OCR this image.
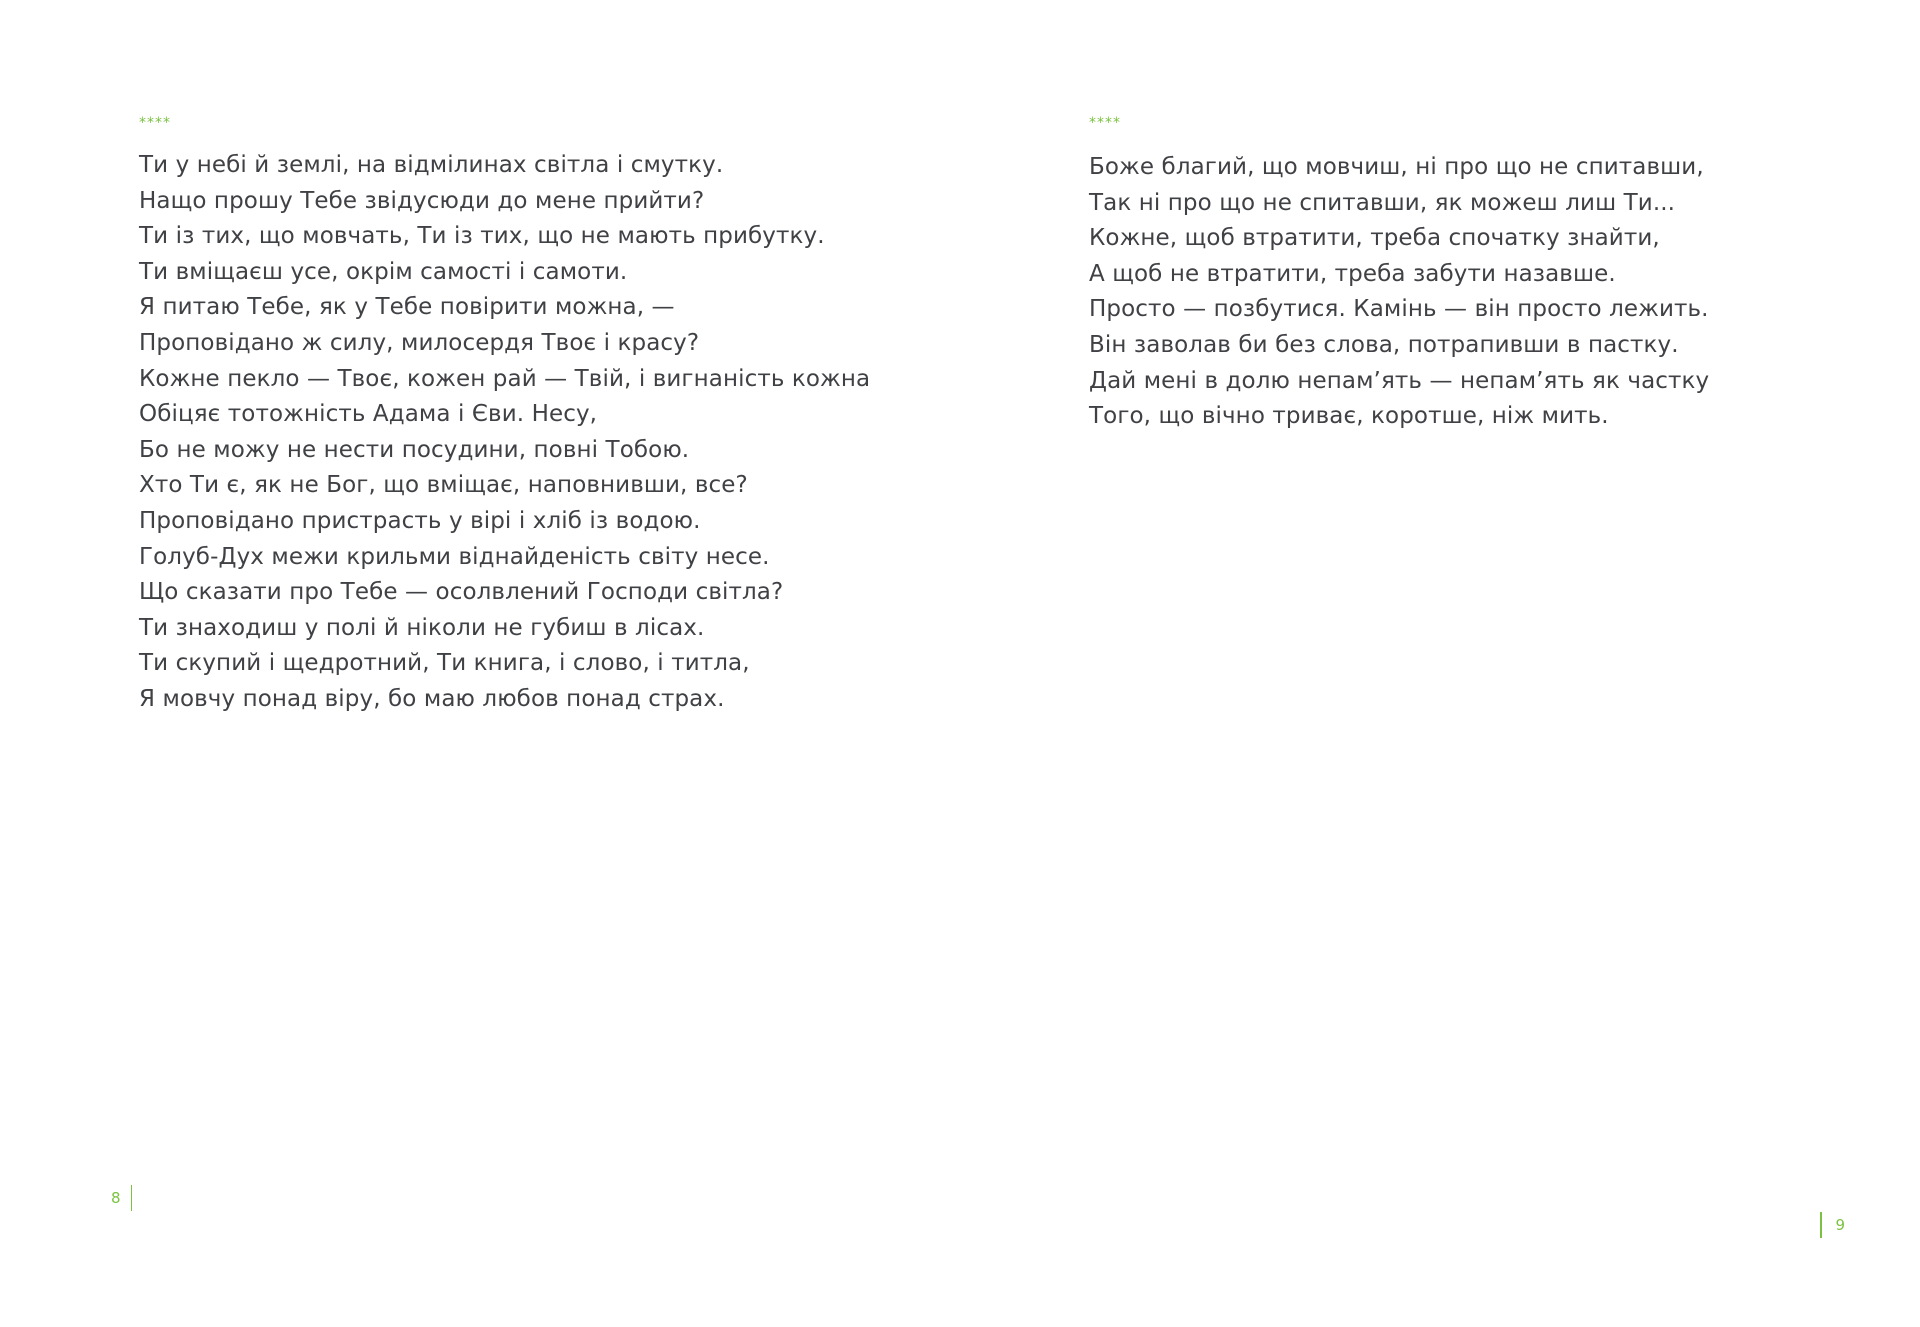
****
Ти у небі й землі, на відмілинах світла і смутку.
Нащо прошу Тебе звідусюди до мене прийти?
Ти із тих, що мовчать, Ти із тих, що не мають прибутку.
Ти вміщаєш усе, окрім самості і самоти.
Я питаю Тебе, як у Тебе повірити можна, —
Проповідано ж силу, милосердя Твоє і красу?
Кожне пекло — Твоє, кожен рай — Твій, і вигнаність кожна
Обіцяє тотожність Адама і Єви. Несу,
Бо не можу не нести посудини, повні Тобою.
Хто Ти є, як не Бог, що вміщає, наповнивши, все?
Проповідано пристрасть у вірі і хліб із водою.
Голуб-Дух межи крильми віднайденість світу несе.
Що сказати про Тебе — осолвлений Господи світла?
Ти знаходиш у полі й ніколи не губиш в лісах.
Ти скупий і щедротний, Ти книга, і слово, і титла,
Я мовчу понад віру, бо маю любов понад страх.
8
****
Боже благий, що мовчиш, ні про що не спитавши,
Так ні про що не спитавши, як можеш лиш Ти...
Кожне, щоб втратити, треба спочатку знайти,
А щоб не втратити, треба забути назавше.
Просто — позбутися. Камінь — він просто лежить.
Він заволав би без слова, потрапивши в пастку.
Дай мені в долю непам’ять — непам’ять як частку
Того, що вічно триває, коротше, ніж мить.
9
